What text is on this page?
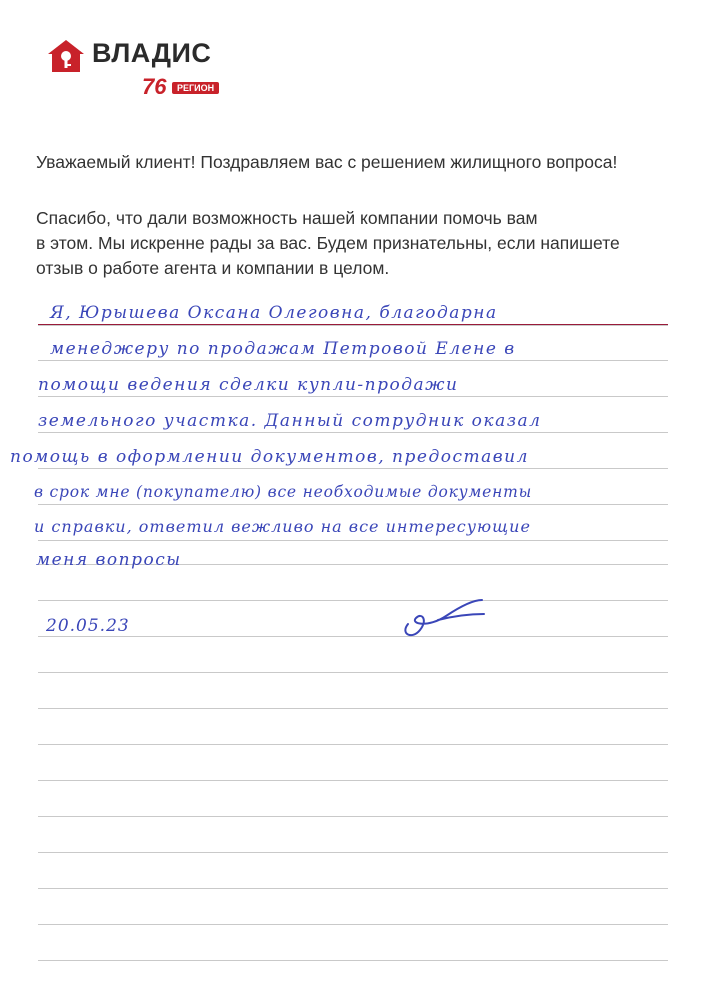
ВЛАДИС
76	РЕГИОН
Уважаемый клиент! Поздравляем вас с решением жилищного вопроса!
Спасибо, что дали возможность нашей компании помочь вам
в этом. Мы искренне рады за вас. Будем признательны, если напишете
отзыв о работе агента и компании в целом.
Я, Юрышева Оксана Олеговна, благодарна
менеджеру по продажам Петровой Елене в
помощи ведения сделки купли-продажи
земельного участка. Данный сотрудник оказал
помощь в оформлении документов, предоставил
в срок мне (покупателю) все необходимые документы
и справки, ответил вежливо на все интересующие
меня вопросы
20.05.23
